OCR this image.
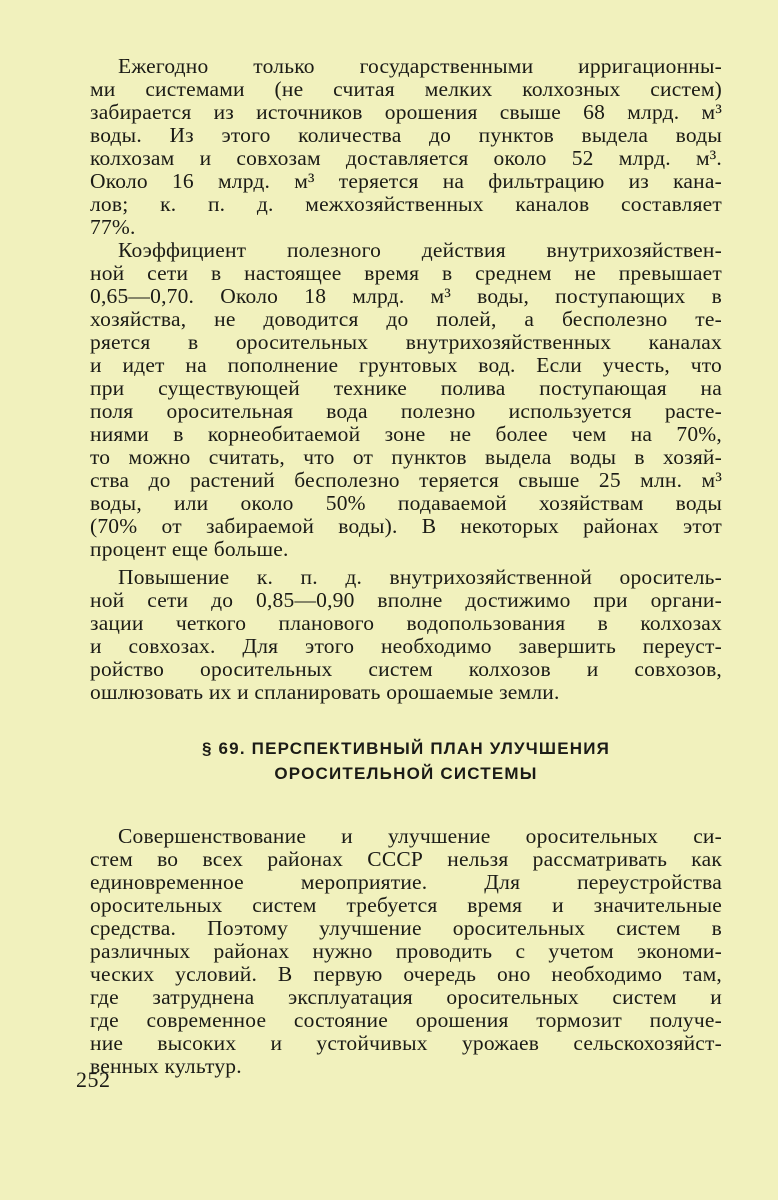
Ежегодно только государственными ирригационны-
ми системами (не считая мелких колхозных систем)
забирается из источников орошения свыше 68 млрд. м³
воды. Из этого количества до пунктов выдела воды
колхозам и совхозам доставляется около 52 млрд. м³.
Около 16 млрд. м³ теряется на фильтрацию из кана-
лов; к. п. д. межхозяйственных каналов составляет
77%.
Коэффициент полезного действия внутрихозяйствен-
ной сети в настоящее время в среднем не превышает
0,65—0,70. Около 18 млрд. м³ воды, поступающих в
хозяйства, не доводится до полей, а бесполезно те-
ряется в оросительных внутрихозяйственных каналах
и идет на пополнение грунтовых вод. Если учесть, что
при существующей технике полива поступающая на
поля оросительная вода полезно используется расте-
ниями в корнеобитаемой зоне не более чем на 70%,
то можно считать, что от пунктов выдела воды в хозяй-
ства до растений бесполезно теряется свыше 25 млн. м³
воды, или около 50% подаваемой хозяйствам воды
(70% от забираемой воды). В некоторых районах этот
процент еще больше.
Повышение к. п. д. внутрихозяйственной ороситель-
ной сети до 0,85—0,90 вполне достижимо при органи-
зации четкого планового водопользования в колхозах
и совхозах. Для этого необходимо завершить переуст-
ройство оросительных систем колхозов и совхозов,
ошлюзовать их и спланировать орошаемые земли.
§ 69. ПЕРСПЕКТИВНЫЙ ПЛАН УЛУЧШЕНИЯ
ОРОСИТЕЛЬНОЙ СИСТЕМЫ
Совершенствование и улучшение оросительных си-
стем во всех районах СССР нельзя рассматривать как
единовременное мероприятие. Для переустройства
оросительных систем требуется время и значительные
средства. Поэтому улучшение оросительных систем в
различных районах нужно проводить с учетом экономи-
ческих условий. В первую очередь оно необходимо там,
где затруднена эксплуатация оросительных систем и
где современное состояние орошения тормозит получе-
ние высоких и устойчивых урожаев сельскохозяйст-
венных культур.
252
